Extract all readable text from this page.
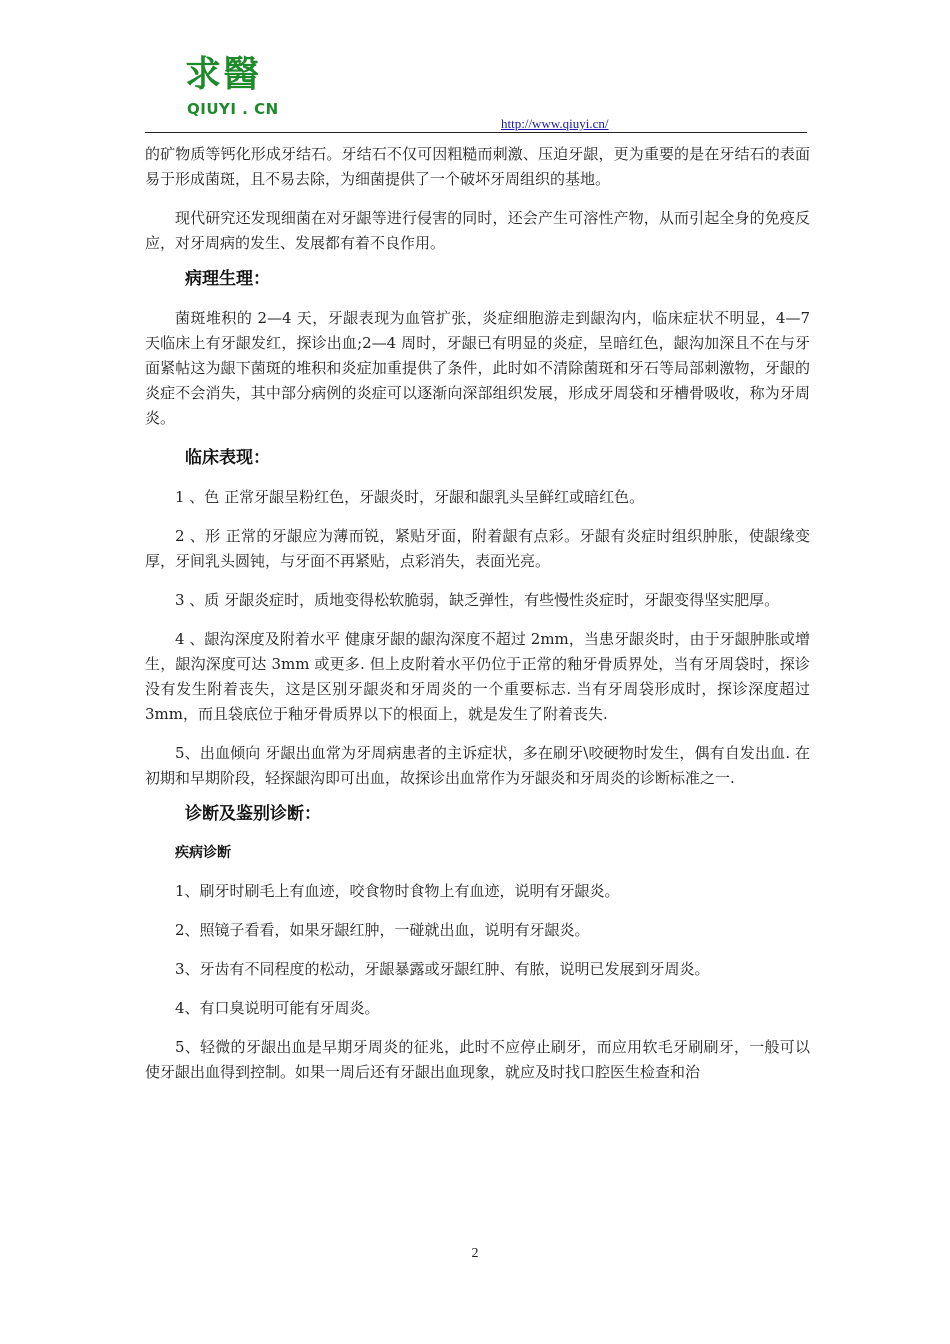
求醫
QIUYI . CN
http://www.qiuyi.cn/

的矿物质等钙化形成牙结石。牙结石不仅可因粗糙而刺激、压迫牙龈，更为重要的是在牙结石的表面易于形成菌斑，且不易去除，为细菌提供了一个破坏牙周组织的基地。

现代研究还发现细菌在对牙龈等进行侵害的同时，还会产生可溶性产物，从而引起全身的免疫反应，对牙周病的发生、发展都有着不良作用。

病理生理：

菌斑堆积的 2—4 天，牙龈表现为血管扩张，炎症细胞游走到龈沟内，临床症状不明显，4—7 天临床上有牙龈发红，探诊出血;2—4 周时，牙龈已有明显的炎症，呈暗红色，龈沟加深且不在与牙面紧帖这为龈下菌斑的堆积和炎症加重提供了条件，此时如不清除菌斑和牙石等局部刺激物，牙龈的炎症不会消失，其中部分病例的炎症可以逐渐向深部组织发展，形成牙周袋和牙槽骨吸收，称为牙周炎。

临床表现：

1 、色 正常牙龈呈粉红色，牙龈炎时，牙龈和龈乳头呈鲜红或暗红色。

2 、形 正常的牙龈应为薄而锐，紧贴牙面，附着龈有点彩。牙龈有炎症时组织肿胀，使龈缘变厚，牙间乳头圆钝，与牙面不再紧贴，点彩消失，表面光亮。

3 、质 牙龈炎症时，质地变得松软脆弱，缺乏弹性，有些慢性炎症时，牙龈变得坚实肥厚。

4 、龈沟深度及附着水平 健康牙龈的龈沟深度不超过 2mm，当患牙龈炎时，由于牙龈肿胀或增生，龈沟深度可达 3mm 或更多. 但上皮附着水平仍位于正常的釉牙骨质界处，当有牙周袋时，探诊没有发生附着丧失，这是区别牙龈炎和牙周炎的一个重要标志. 当有牙周袋形成时，探诊深度超过 3mm，而且袋底位于釉牙骨质界以下的根面上，就是发生了附着丧失.

5、出血倾向 牙龈出血常为牙周病患者的主诉症状，多在刷牙\咬硬物时发生，偶有自发出血. 在初期和早期阶段，轻探龈沟即可出血，故探诊出血常作为牙龈炎和牙周炎的诊断标准之一.

诊断及鉴别诊断：
疾病诊断

1、刷牙时刷毛上有血迹，咬食物时食物上有血迹，说明有牙龈炎。

2、照镜子看看，如果牙龈红肿，一碰就出血，说明有牙龈炎。

3、牙齿有不同程度的松动，牙龈暴露或牙龈红肿、有脓，说明已发展到牙周炎。

4、有口臭说明可能有牙周炎。

5、轻微的牙龈出血是早期牙周炎的征兆，此时不应停止刷牙，而应用软毛牙刷刷牙，一般可以使牙龈出血得到控制。如果一周后还有牙龈出血现象，就应及时找口腔医生检查和治

2
